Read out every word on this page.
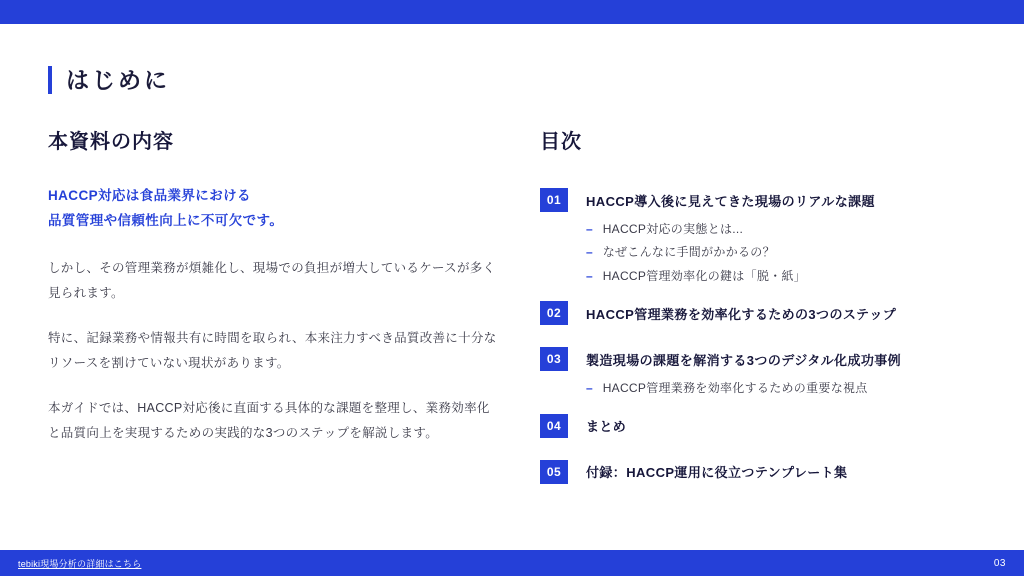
はじめに
本資料の内容
HACCP対応は食品業界における
品質管理や信頼性向上に不可欠です。
しかし、その管理業務が煩雑化し、現場での負担が増大しているケースが多く見られます。
特に、記録業務や情報共有に時間を取られ、本来注力すべき品質改善に十分なリソースを割けていない現状があります。
本ガイドでは、HACCP対応後に直面する具体的な課題を整理し、業務効率化と品質向上を実現するための実践的な3つのステップを解説します。
目次
01	HACCP導入後に見えてきた現場のリアルな課題
– HACCP対応の実態とは...
– なぜこんなに手間がかかるの？
– HACCP管理効率化の鍵は「脱・紙」
02	HACCP管理業務を効率化するための3つのステップ
03	製造現場の課題を解消する3つのデジタル化成功事例
– HACCP管理業務を効率化するための重要な視点
04	まとめ
05	付録：HACCP運用に役立つテンプレート集
tebiki現場分析の詳細はこちら	03
